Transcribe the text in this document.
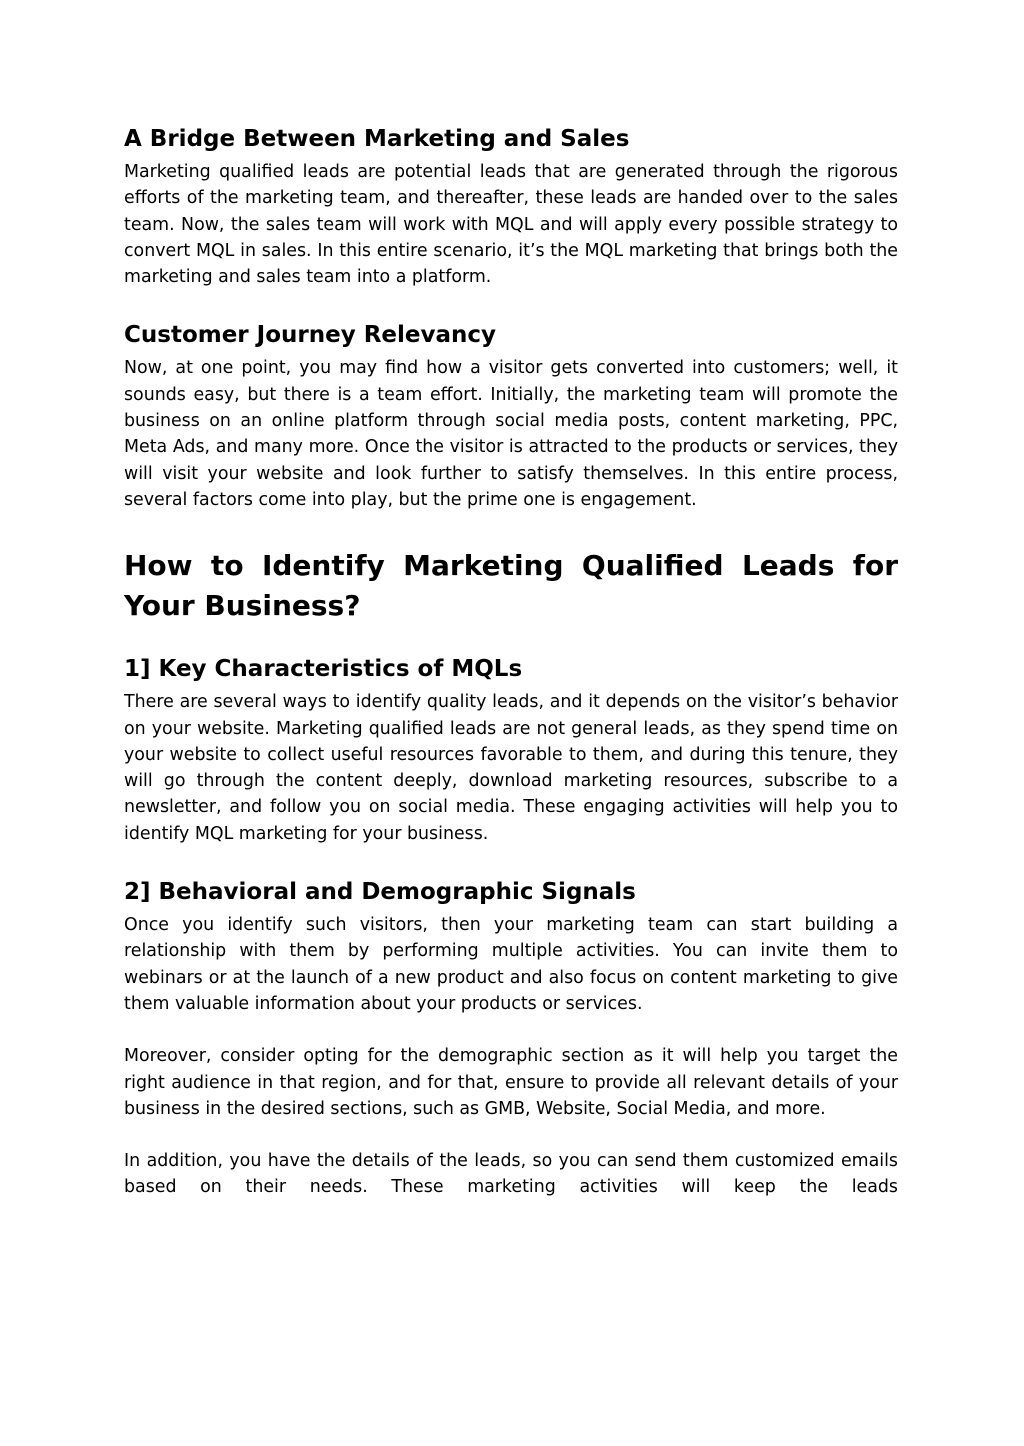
A Bridge Between Marketing and Sales

Marketing qualified leads are potential leads that are generated through the rigorous efforts of the marketing team, and thereafter, these leads are handed over to the sales team. Now, the sales team will work with MQL and will apply every possible strategy to convert MQL in sales. In this entire scenario, it’s the MQL marketing that brings both the marketing and sales team into a platform.

Customer Journey Relevancy

Now, at one point, you may find how a visitor gets converted into customers; well, it sounds easy, but there is a team effort. Initially, the marketing team will promote the business on an online platform through social media posts, content marketing, PPC, Meta Ads, and many more. Once the visitor is attracted to the products or services, they will visit your website and look further to satisfy themselves. In this entire process, several factors come into play, but the prime one is engagement.

How to Identify Marketing Qualified Leads for Your Business?
1] Key Characteristics of MQLs

There are several ways to identify quality leads, and it depends on the visitor’s behavior on your website. Marketing qualified leads are not general leads, as they spend time on your website to collect useful resources favorable to them, and during this tenure, they will go through the content deeply, download marketing resources, subscribe to a newsletter, and follow you on social media. These engaging activities will help you to identify MQL marketing for your business.

2] Behavioral and Demographic Signals

Once you identify such visitors, then your marketing team can start building a relationship with them by performing multiple activities. You can invite them to webinars or at the launch of a new product and also focus on content marketing to give them valuable information about your products or services.

Moreover, consider opting for the demographic section as it will help you target the right audience in that region, and for that, ensure to provide all relevant details of your business in the desired sections, such as GMB, Website, Social Media, and more.

In addition, you have the details of the leads, so you can send them customized emails based on their needs. These marketing activities will keep the leads
